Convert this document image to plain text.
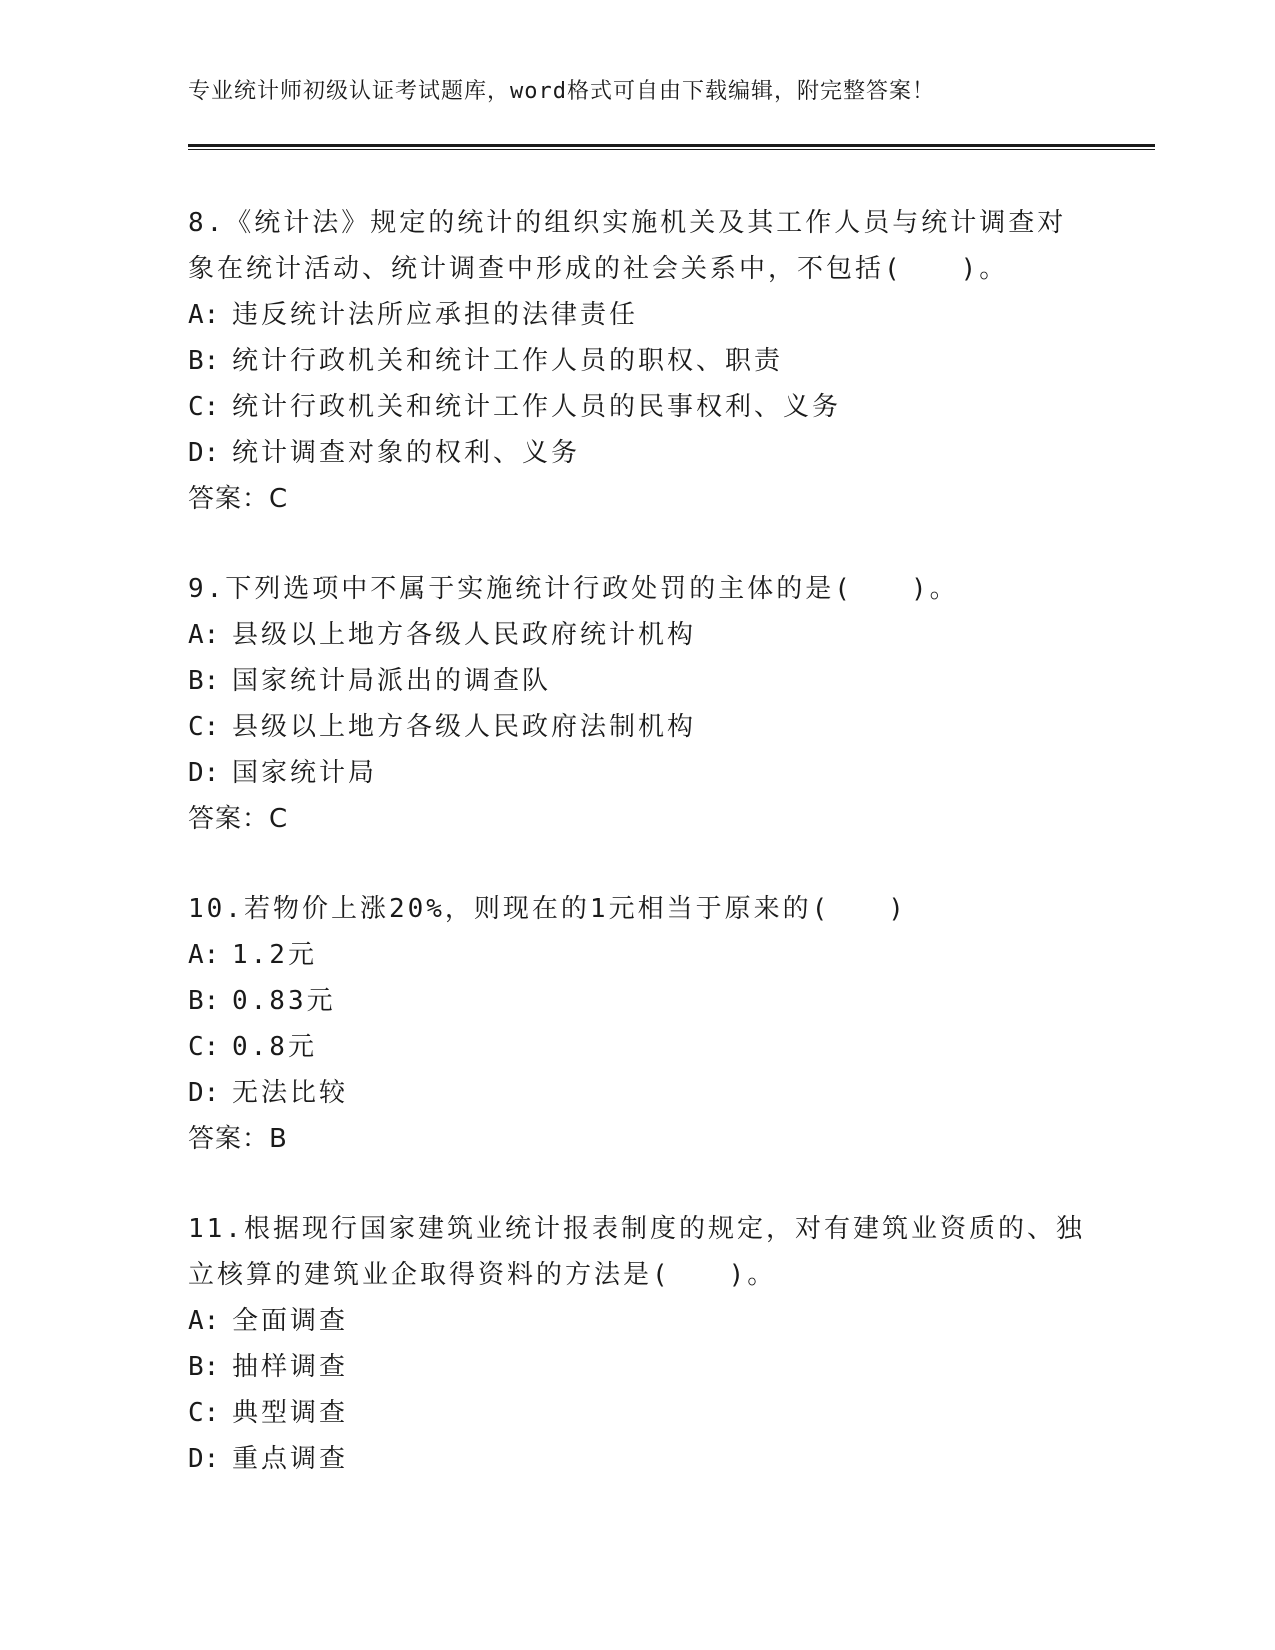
专业统计师初级认证考试题库，word格式可自由下载编辑，附完整答案！
8.《统计法》规定的统计的组织实施机关及其工作人员与统计调查对
象在统计活动、统计调查中形成的社会关系中，不包括(　　)。
A: 违反统计法所应承担的法律责任
B: 统计行政机关和统计工作人员的职权、职责
C: 统计行政机关和统计工作人员的民事权利、义务
D: 统计调查对象的权利、义务
答案：C
9.下列选项中不属于实施统计行政处罚的主体的是(　　)。
A: 县级以上地方各级人民政府统计机构
B: 国家统计局派出的调查队
C: 县级以上地方各级人民政府法制机构
D: 国家统计局
答案：C
10.若物价上涨20%，则现在的1元相当于原来的(　　)
A: 1.2元
B: 0.83元
C: 0.8元
D: 无法比较
答案：B
11.根据现行国家建筑业统计报表制度的规定，对有建筑业资质的、独
立核算的建筑业企取得资料的方法是(　　)。
A: 全面调查
B: 抽样调查
C: 典型调查
D: 重点调查
